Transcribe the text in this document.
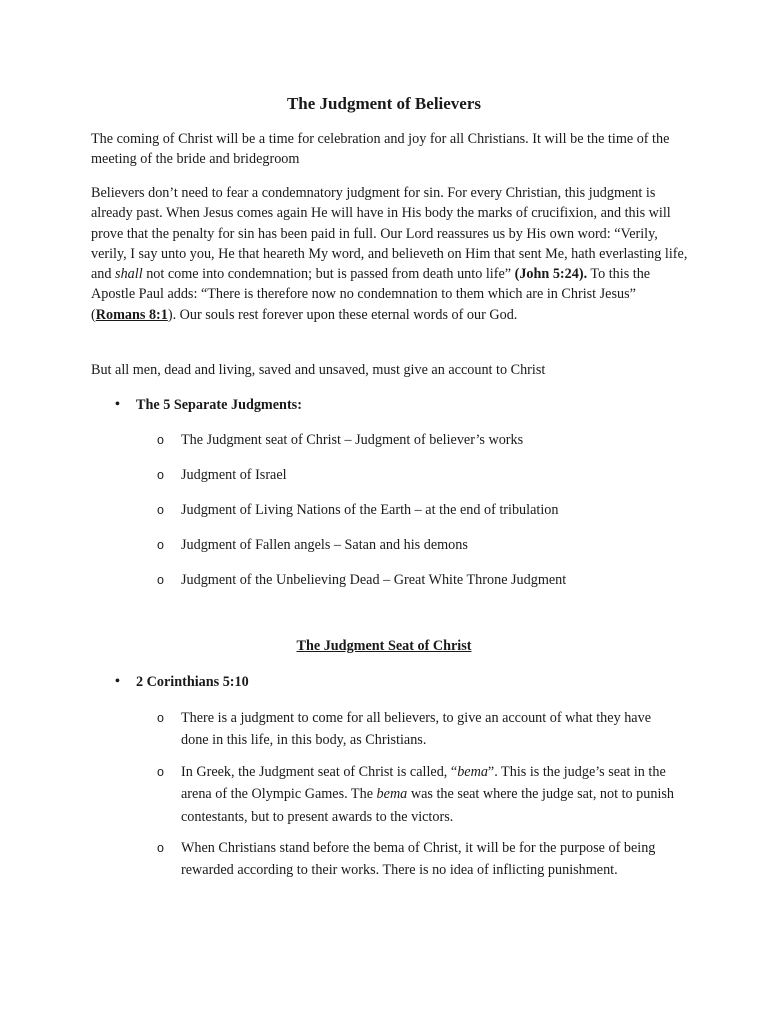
The Judgment of Believers

The coming of Christ will be a time for celebration and joy for all Christians. It will be the time of the meeting of the bride and bridegroom

Believers don’t need to fear a condemnatory judgment for sin. For every Christian, this judgment is already past. When Jesus comes again He will have in His body the marks of crucifixion, and this will prove that the penalty for sin has been paid in full. Our Lord reassures us by His own word: “Verily, verily, I say unto you, He that heareth My word, and believeth on Him that sent Me, hath everlasting life, and shall not come into condemnation; but is passed from death unto life” (John 5:24). To this the Apostle Paul adds: “There is therefore now no condemnation to them which are in Christ Jesus” (Romans 8:1). Our souls rest forever upon these eternal words of our God.

But all men, dead and living, saved and unsaved, must give an account to Christ

• The 5 Separate Judgments:
o The Judgment seat of Christ – Judgment of believer’s works
o Judgment of Israel
o Judgment of Living Nations of the Earth – at the end of tribulation
o Judgment of Fallen angels – Satan and his demons
o Judgment of the Unbelieving Dead – Great White Throne Judgment
The Judgment Seat of Christ
• 2 Corinthians 5:10
o There is a judgment to come for all believers, to give an account of what they have done in this life, in this body, as Christians.
o In Greek, the Judgment seat of Christ is called, “bema”. This is the judge’s seat in the arena of the Olympic Games. The bema was the seat where the judge sat, not to punish contestants, but to present awards to the victors.
o When Christians stand before the bema of Christ, it will be for the purpose of being rewarded according to their works. There is no idea of inflicting punishment.
